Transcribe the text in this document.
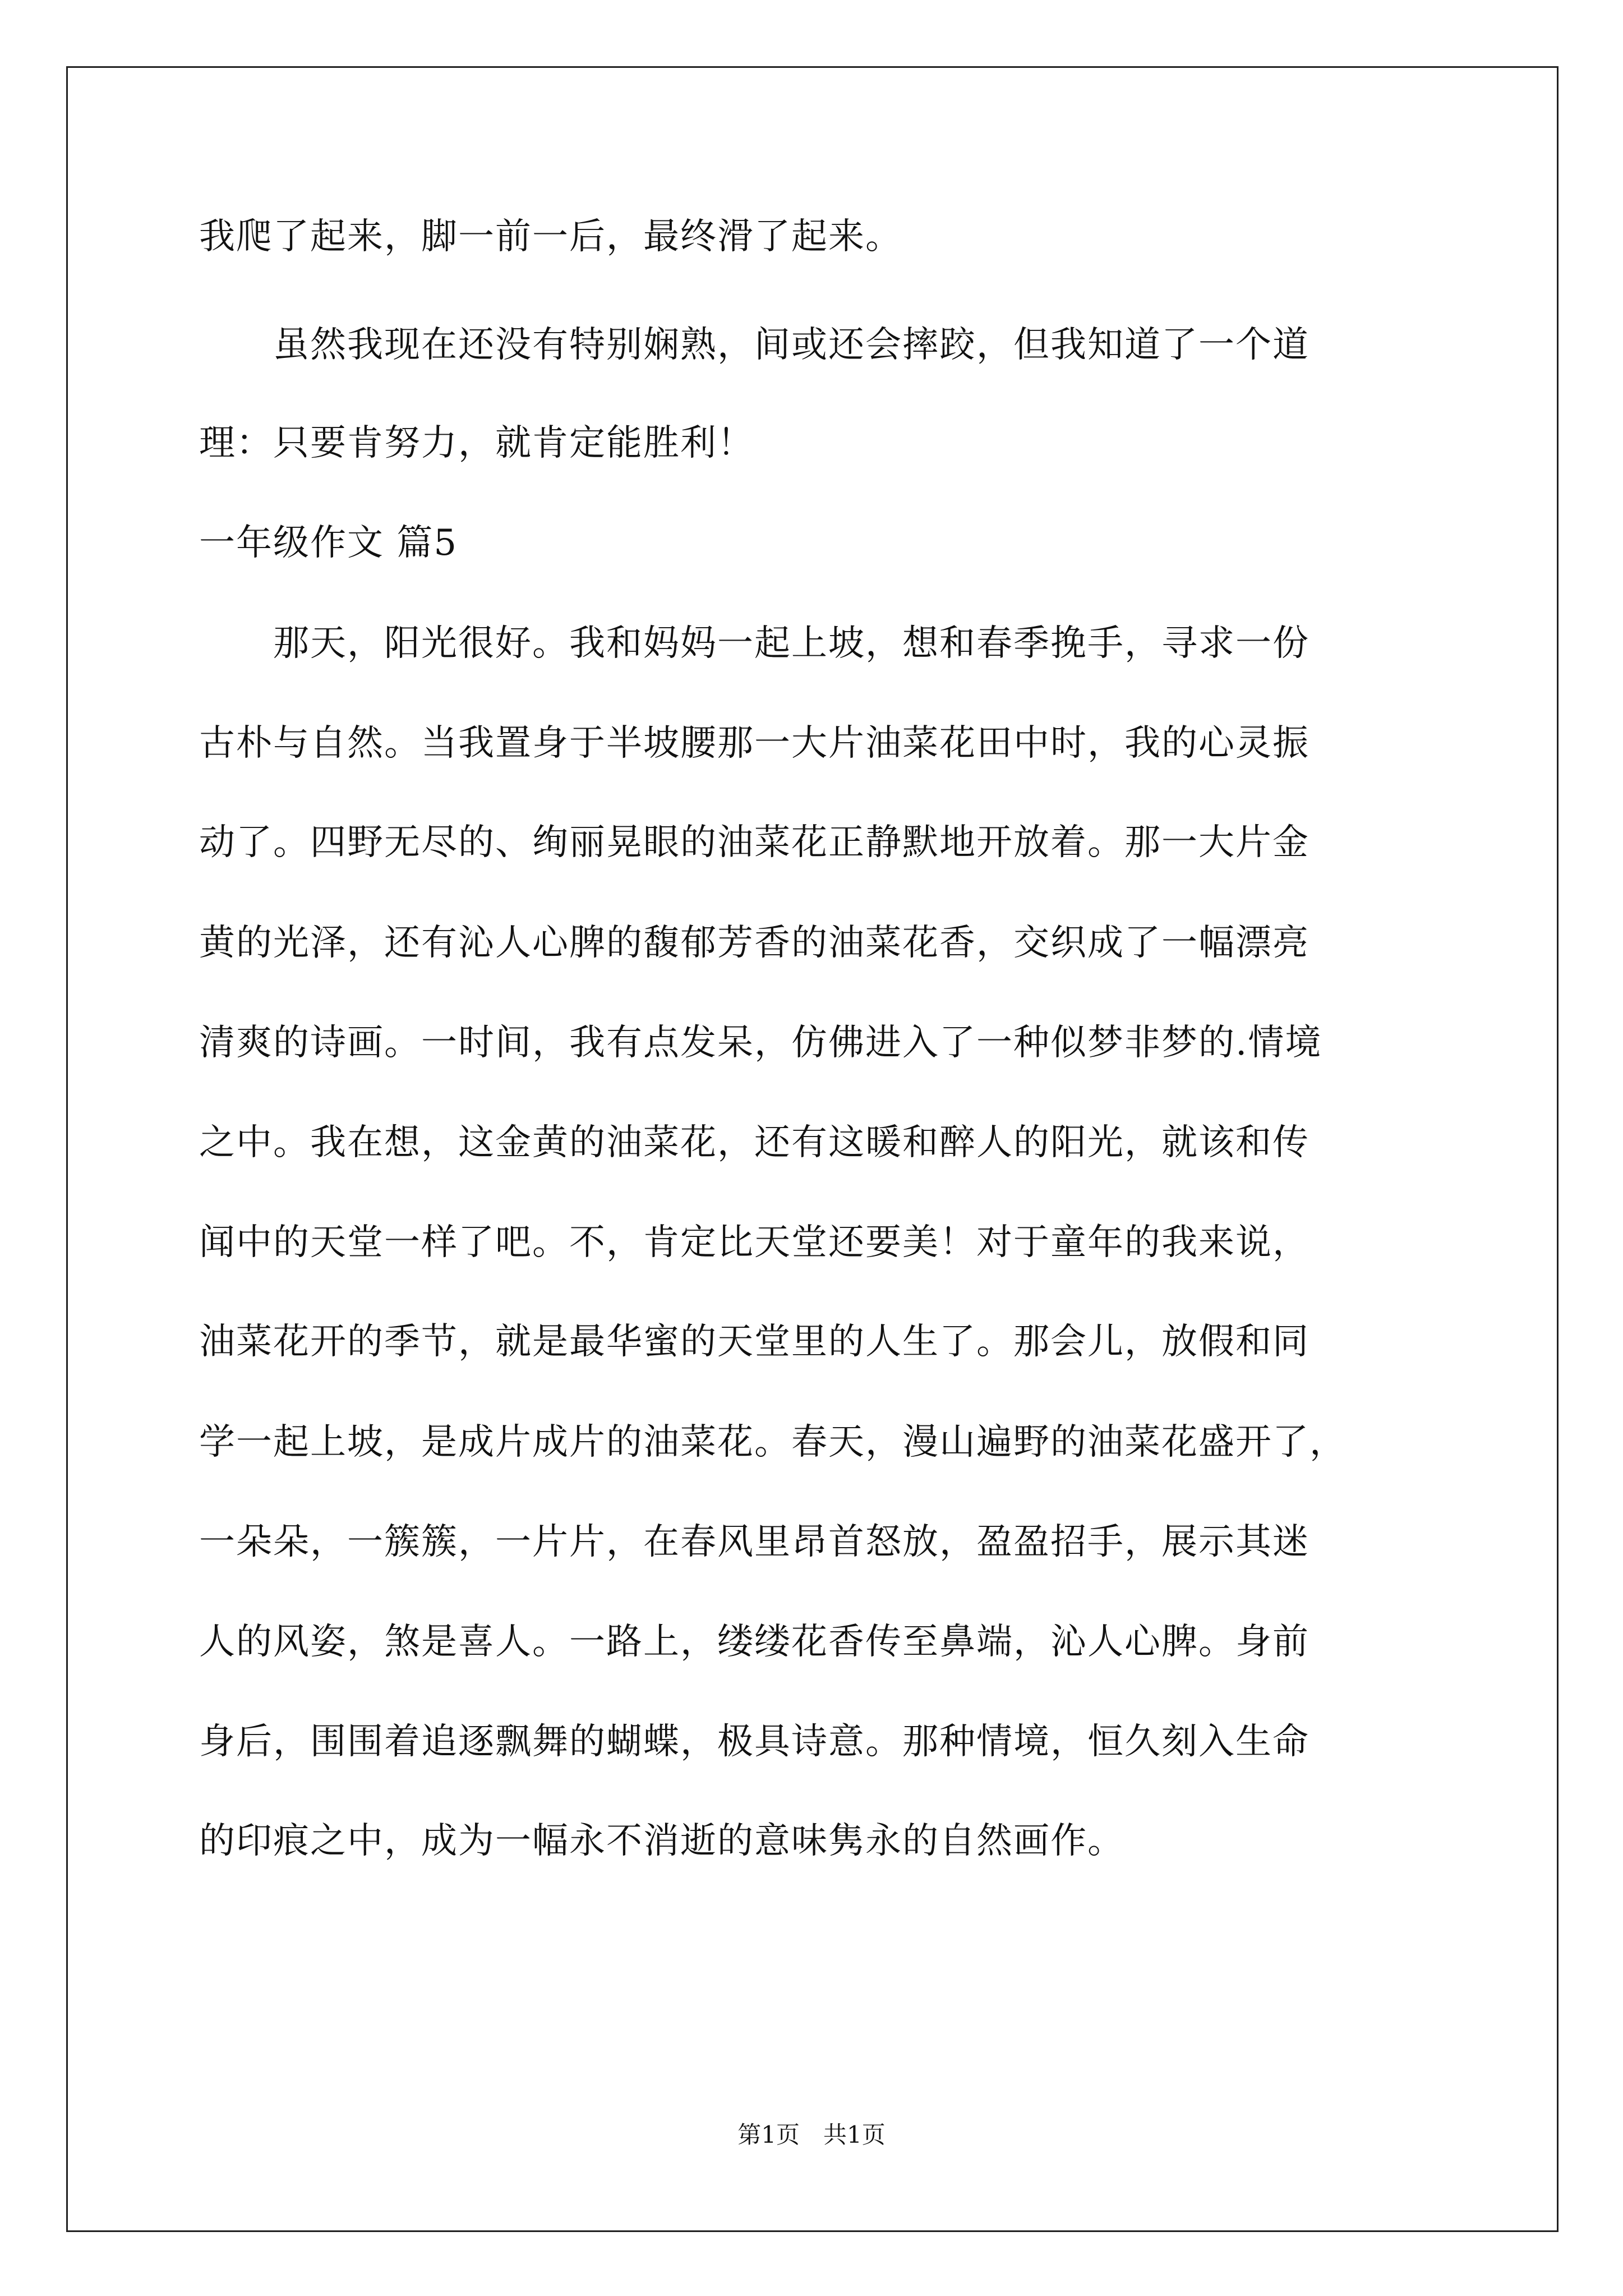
我爬了起来，脚一前一后，最终滑了起来。
　　虽然我现在还没有特别娴熟，间或还会摔跤，但我知道了一个道
理：只要肯努力，就肯定能胜利！
一年级作文 篇5
　　那天，阳光很好。我和妈妈一起上坡，想和春季挽手，寻求一份
古朴与自然。当我置身于半坡腰那一大片油菜花田中时，我的心灵振
动了。四野无尽的、绚丽晃眼的油菜花正静默地开放着。那一大片金
黄的光泽，还有沁人心脾的馥郁芳香的油菜花香，交织成了一幅漂亮
清爽的诗画。一时间，我有点发呆，仿佛进入了一种似梦非梦的.情境
之中。我在想，这金黄的油菜花，还有这暖和醉人的阳光，就该和传
闻中的天堂一样了吧。不，肯定比天堂还要美！对于童年的我来说，
油菜花开的季节，就是最华蜜的天堂里的人生了。那会儿，放假和同
学一起上坡，是成片成片的油菜花。春天，漫山遍野的油菜花盛开了，
一朵朵，一簇簇，一片片，在春风里昂首怒放，盈盈招手，展示其迷
人的风姿，煞是喜人。一路上，缕缕花香传至鼻端，沁人心脾。身前
身后，围围着追逐飘舞的蝴蝶，极具诗意。那种情境，恒久刻入生命
的印痕之中，成为一幅永不消逝的意味隽永的自然画作。
第1页　共1页
